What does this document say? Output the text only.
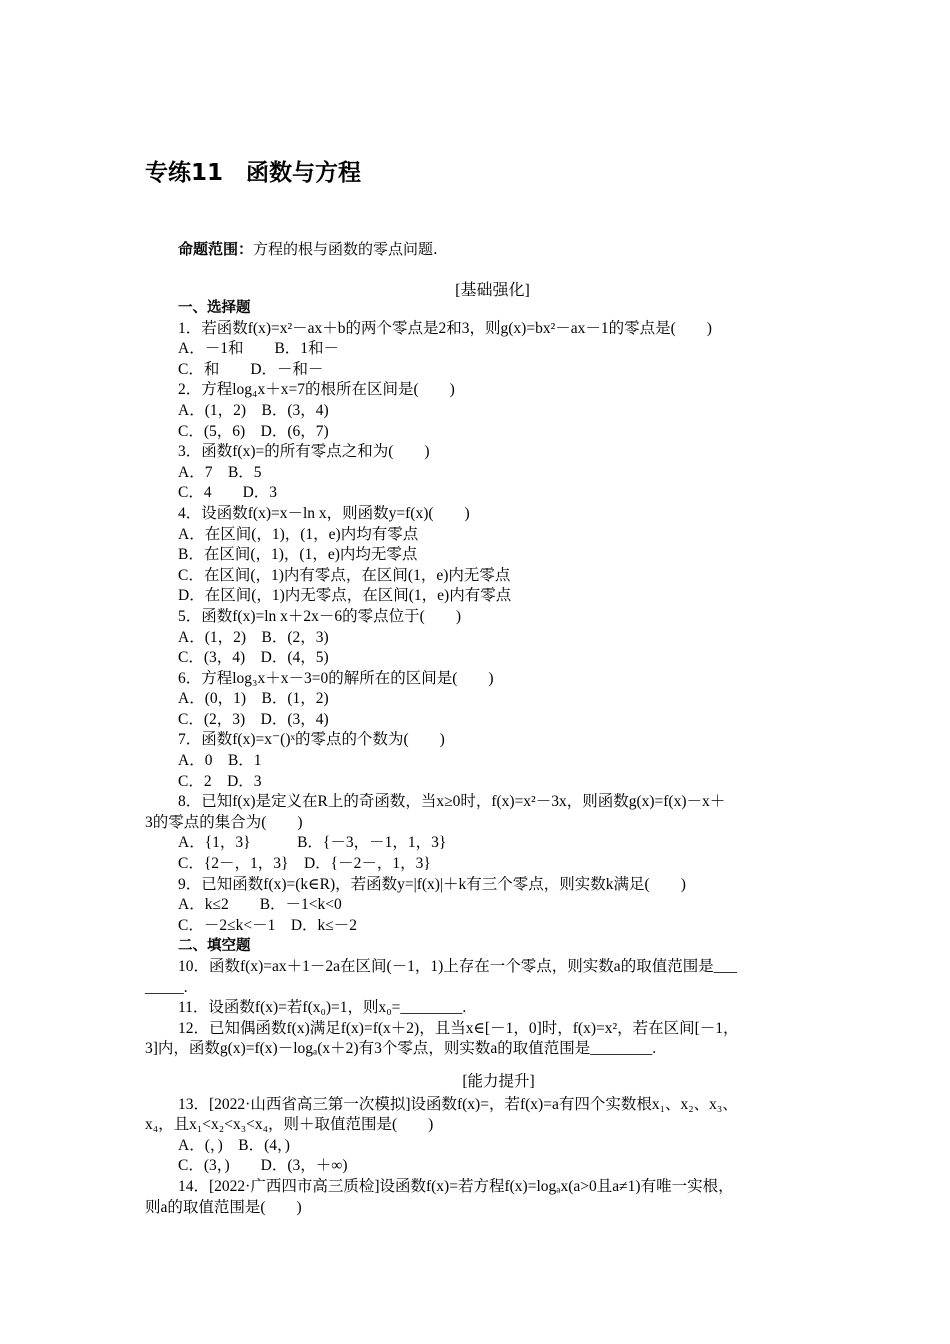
专练11　函数与方程
命题范围：方程的根与函数的零点问题.
[基础强化]
一、选择题
1．若函数f(x)=x²－ax＋b的两个零点是2和3，则g(x)=bx²－ax－1的零点是(　　)
A．－1和　　B．1和－
C．和　　D．－和－
2．方程log₄x＋x=7的根所在区间是(　　)
A．(1，2)　B．(3，4)
C．(5，6)　D．(6，7)
3．函数f(x)=的所有零点之和为(　　)
A．7　B．5
C．4　　D．3
4．设函数f(x)=x－ln x，则函数y=f(x)(　　)
A．在区间(，1)，(1，e)内均有零点
B．在区间(，1)，(1，e)内均无零点
C．在区间(，1)内有零点，在区间(1，e)内无零点
D．在区间(，1)内无零点，在区间(1，e)内有零点
5．函数f(x)=ln x＋2x－6的零点位于(　　)
A．(1，2)　B．(2，3)
C．(3，4)　D．(4，5)
6．方程log₃x＋x－3=0的解所在的区间是(　　)
A．(0，1)　B．(1，2)
C．(2，3)　D．(3，4)
7．函数f(x)=x⁻()ˣ的零点的个数为(　　)
A．0　B．1
C．2　D．3
8．已知f(x)是定义在R上的奇函数，当x≥0时，f(x)=x²－3x，则函数g(x)=f(x)－x＋
3的零点的集合为(　　)
A．{1，3}　　　B．{－3，－1，1，3}
C．{2－，1，3}　D．{－2－，1，3}
9．已知函数f(x)=(k∈R)，若函数y=|f(x)|＋k有三个零点，则实数k满足(　　)
A．k≤2　　B．－1<k<0
C．－2≤k<－1　D．k≤－2
二、填空题
10．函数f(x)=ax＋1－2a在区间(－1，1)上存在一个零点，则实数a的取值范围是___
_____.
11．设函数f(x)=若f(x₀)=1，则x₀=________.
12．已知偶函数f(x)满足f(x)=f(x＋2)，且当x∈[－1，0]时，f(x)=x²，若在区间[－1，
3]内，函数g(x)=f(x)－logₐ(x＋2)有3个零点，则实数a的取值范围是________.
[能力提升]
13．[2022·山西省高三第一次模拟]设函数f(x)=，若f(x)=a有四个实数根x₁、x₂、x₃、
x₄，且x₁<x₂<x₃<x₄，则＋取值范围是(　　)
A．(，)　B．(4，)
C．(3，)　　D．(3，＋∞)
14．[2022·广西四市高三质检]设函数f(x)=若方程f(x)=logₐx(a>0且a≠1)有唯一实根，
则a的取值范围是(　　)
